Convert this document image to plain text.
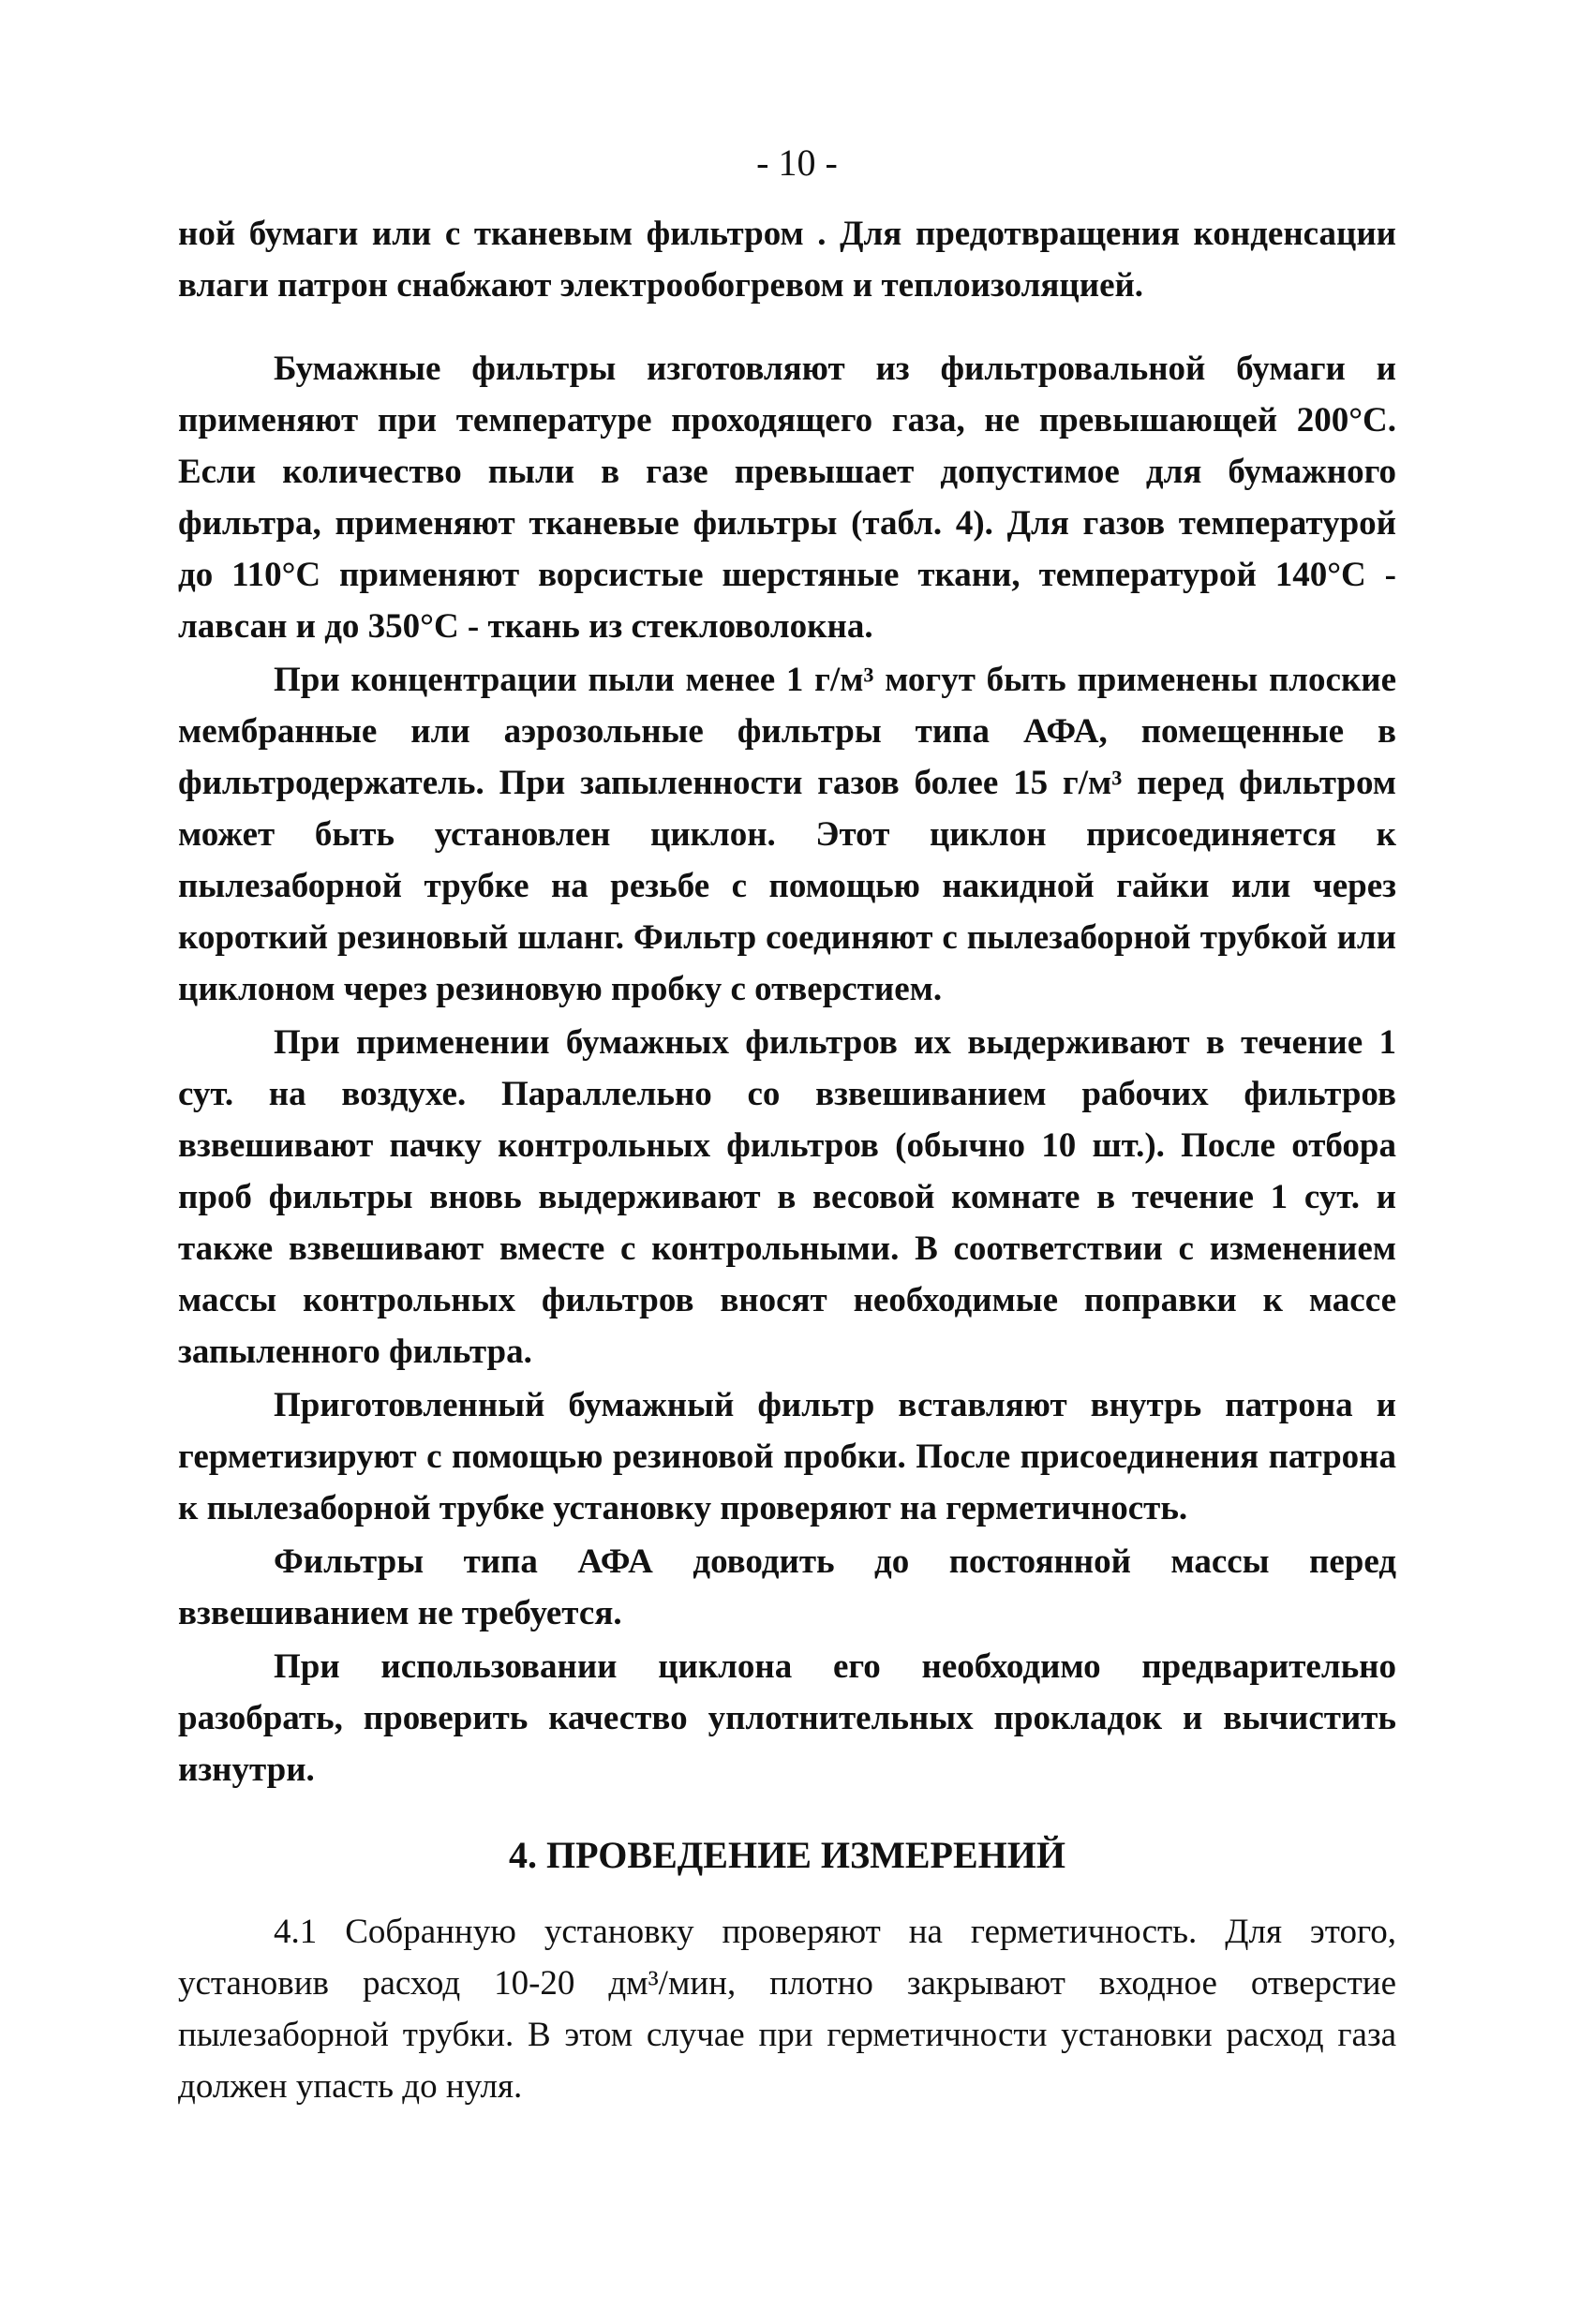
- 10 -

ной бумаги или с тканевым фильтром . Для предотвращения конденсации влаги патрон снабжают электрообогревом и теплоизоляцией.

Бумажные фильтры изготовляют из фильтровальной бумаги и применяют при температуре проходящего газа, не превышающей 200°С. Если количество пыли в газе превышает допустимое для бумажного фильтра, применяют тканевые фильтры (табл. 4). Для газов температурой до 110°С применяют ворсистые шерстяные ткани, температурой 140°С - лавсан и до 350°С - ткань из стекловолокна.

При концентрации пыли менее 1 г/м³ могут быть применены плоские мембранные или аэрозольные фильтры типа АФА, помещенные в фильтродержатель. При запыленности газов более 15 г/м³ перед фильтром может быть установлен циклон. Этот циклон присоединяется к пылезаборной трубке на резьбе с помощью накидной гайки или через короткий резиновый шланг. Фильтр соединяют с пылезаборной трубкой или циклоном через резиновую пробку с отверстием.

При применении бумажных фильтров их выдерживают в течение 1 сут. на воздухе. Параллельно со взвешиванием рабочих фильтров взвешивают пачку контрольных фильтров (обычно 10 шт.). После отбора проб фильтры вновь выдерживают в весовой комнате в течение 1 сут. и также взвешивают вместе с контрольными. В соответствии с изменением массы контрольных фильтров вносят необходимые поправки к массе запыленного фильтра.

Приготовленный бумажный фильтр вставляют внутрь патрона и герметизируют с помощью резиновой пробки. После присоединения патрона к пылезаборной трубке установку проверяют на герметичность.

Фильтры типа АФА доводить до постоянной массы перед взвешиванием не требуется.

При использовании циклона его необходимо предварительно разобрать, проверить качество уплотнительных прокладок и вычистить изнутри.

4. ПРОВЕДЕНИЕ ИЗМЕРЕНИЙ

4.1 Собранную установку проверяют на герметичность. Для этого, установив расход 10-20 дм³/мин, плотно закрывают входное отверстие пылезаборной трубки. В этом случае при герметичности установки расход газа должен упасть до нуля.
